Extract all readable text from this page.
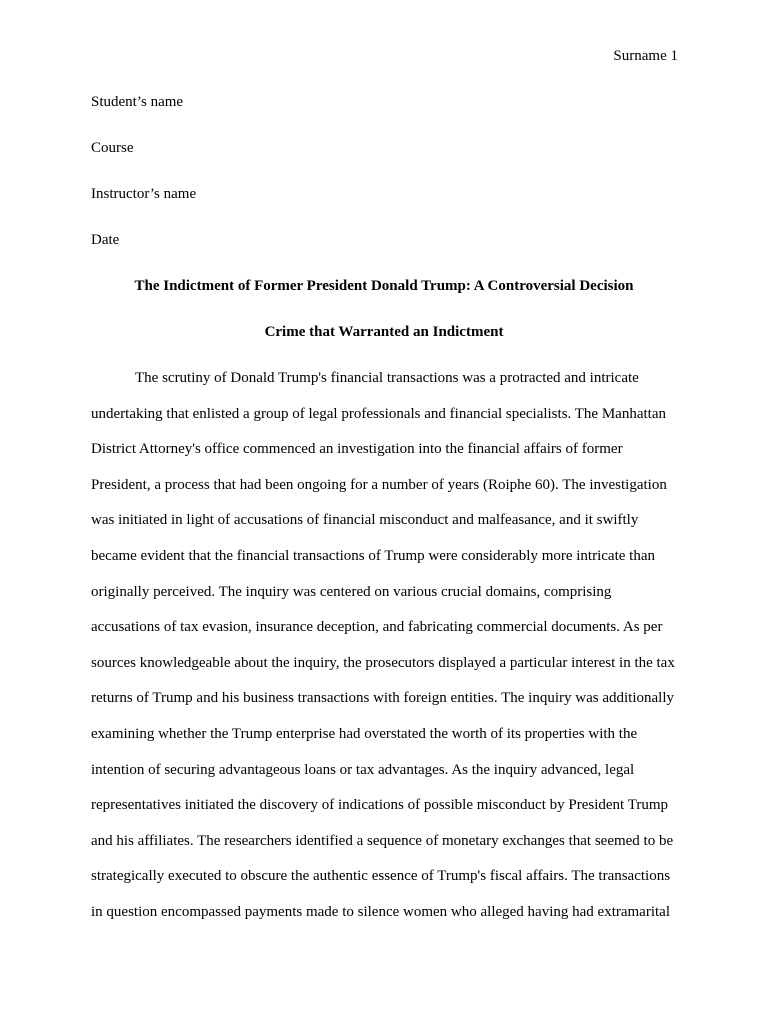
Surname 1
Student’s name
Course
Instructor’s name
Date
The Indictment of Former President Donald Trump: A Controversial Decision
Crime that Warranted an Indictment
The scrutiny of Donald Trump's financial transactions was a protracted and intricate
undertaking that enlisted a group of legal professionals and financial specialists. The Manhattan
District Attorney's office commenced an investigation into the financial affairs of former
President, a process that had been ongoing for a number of years (Roiphe 60). The investigation
was initiated in light of accusations of financial misconduct and malfeasance, and it swiftly
became evident that the financial transactions of Trump were considerably more intricate than
originally perceived. The inquiry was centered on various crucial domains, comprising
accusations of tax evasion, insurance deception, and fabricating commercial documents. As per
sources knowledgeable about the inquiry, the prosecutors displayed a particular interest in the tax
returns of Trump and his business transactions with foreign entities. The inquiry was additionally
examining whether the Trump enterprise had overstated the worth of its properties with the
intention of securing advantageous loans or tax advantages. As the inquiry advanced, legal
representatives initiated the discovery of indications of possible misconduct by President Trump
and his affiliates. The researchers identified a sequence of monetary exchanges that seemed to be
strategically executed to obscure the authentic essence of Trump's fiscal affairs. The transactions
in question encompassed payments made to silence women who alleged having had extramarital
